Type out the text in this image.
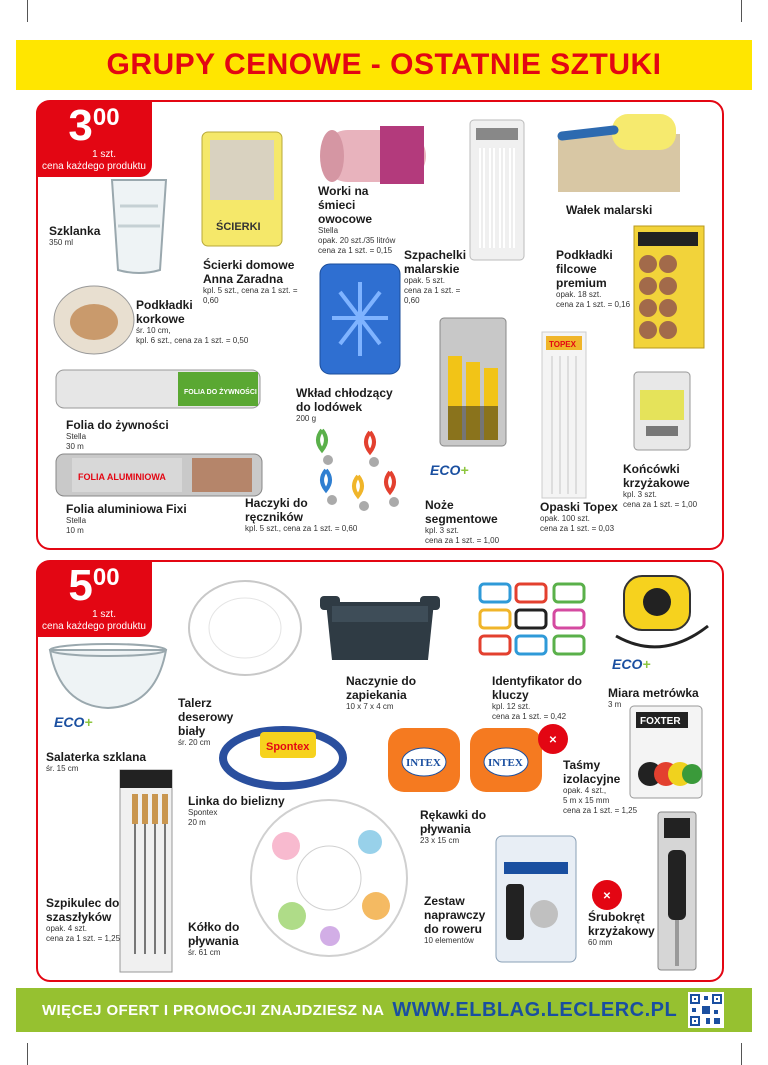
GRUPY CENOWE - OSTATNIE SZTUKI
$3^{00}$
1 szt.
cena każdego produktu
ŚCIERKI
FOLIA DO ŻYWNOŚCI
FOLIA ALUMINIOWA
TOPEX
ECO+
Szklanka
350 ml
Ścierki domowe Anna Zaradna
kpl. 5 szt., cena za 1 szt. = 0,60
Worki na śmieci owocowe
Stella
opak. 20 szt./35 litrów
cena za 1 szt. = 0,15
Wałek malarski
Szpachelki malarskie
opak. 5 szt.
cena za 1 szt. = 0,60
Podkładki filcowe premium
opak. 18 szt.
cena za 1 szt. = 0,16
Podkładki korkowe
śr. 10 cm,
kpl. 6 szt., cena za 1 szt. = 0,50
Wkład chłodzący do lodówek
200 g
Folia do żywności
Stella
30 m
Folia aluminiowa Fixi
Stella
10 m
Haczyki do ręczników
kpl. 5 szt., cena za 1 szt. = 0,60
Noże segmentowe
kpl. 3 szt.
cena za 1 szt. = 1,00
Opaski Topex
opak. 100 szt.
cena za 1 szt. = 0,03
Końcówki krzyżakowe
kpl. 3 szt.
cena za 1 szt. = 1,00
$5^{00}$
1 szt.
cena każdego produktu
ECO+
ECO+
Spontex
INTEX	INTEX
FOXTER
✕
✕
Salaterka szklana
śr. 15 cm
Talerz deserowy biały
śr. 20 cm
Naczynie do zapiekania
10 x 7 x 4 cm
Identyfikator do kluczy
kpl. 12 szt.
cena za 1 szt. = 0,42
Miara metrówka
3 m
Linka do bielizny
Spontex
20 m
Rękawki do pływania
23 x 15 cm
Taśmy izolacyjne
opak. 4 szt.,
5 m x 15 mm
cena za 1 szt. = 1,25
Szpikulec do szaszłyków
opak. 4 szt.
cena za 1 szt. = 1,25
Kółko do pływania
śr. 61 cm
Zestaw naprawczy do roweru
10 elementów
Śrubokręt krzyżakowy
60 mm
WIĘCEJ OFERT I PROMOCJI ZNAJDZIESZ NA WWW.ELBLAG.LECLERC.PL
